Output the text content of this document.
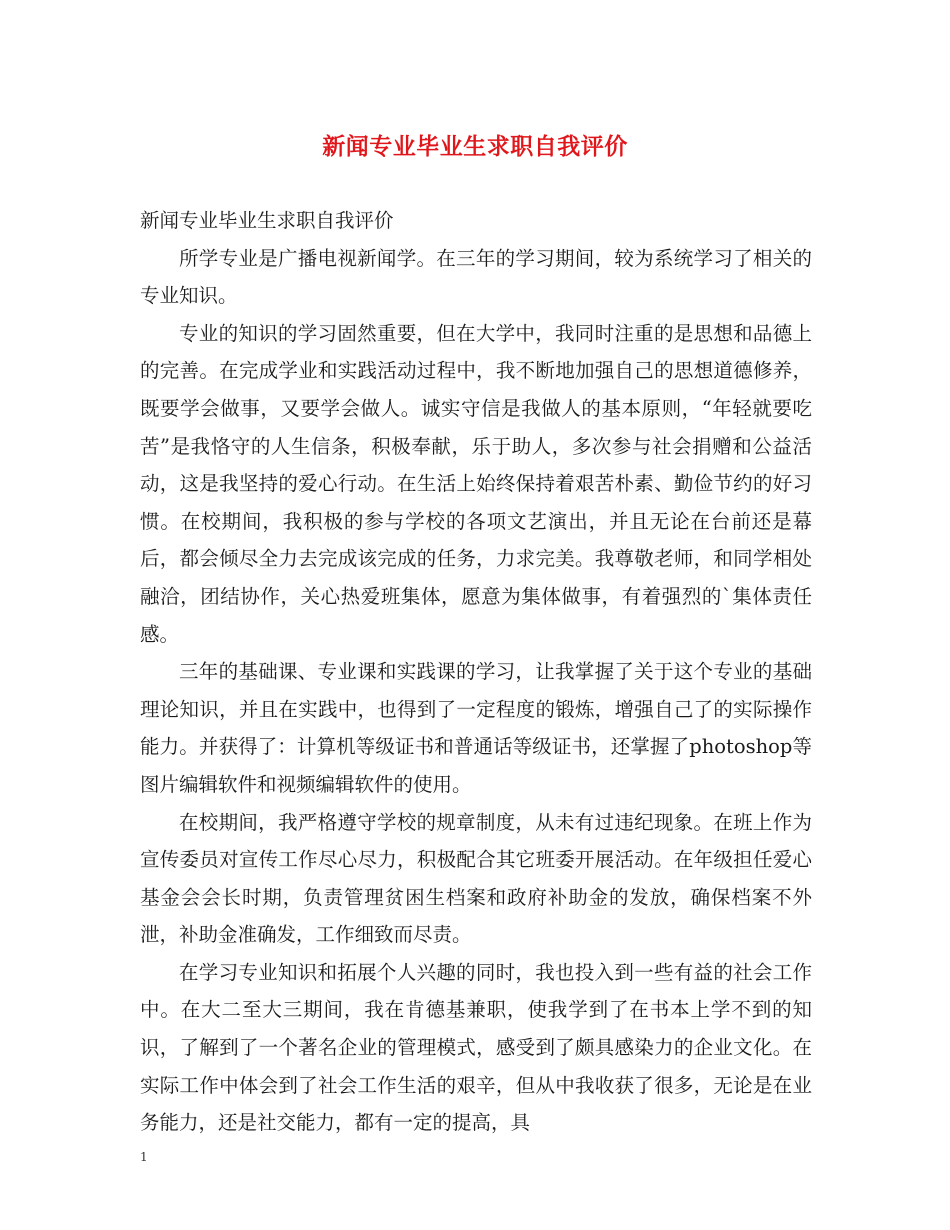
新闻专业毕业生求职自我评价

新闻专业毕业生求职自我评价

所学专业是广播电视新闻学。在三年的学习期间，较为系统学习了相关的专业知识。

专业的知识的学习固然重要，但在大学中，我同时注重的是思想和品德上的完善。在完成学业和实践活动过程中，我不断地加强自己的思想道德修养，既要学会做事，又要学会做人。诚实守信是我做人的基本原则，“年轻就要吃苦”是我恪守的人生信条，积极奉献，乐于助人，多次参与社会捐赠和公益活动，这是我坚持的爱心行动。在生活上始终保持着艰苦朴素、勤俭节约的好习惯。在校期间，我积极的参与学校的各项文艺演出，并且无论在台前还是幕后，都会倾尽全力去完成该完成的任务，力求完美。我尊敬老师，和同学相处融洽，团结协作，关心热爱班集体，愿意为集体做事，有着强烈的`集体责任感。

三年的基础课、专业课和实践课的学习，让我掌握了关于这个专业的基础理论知识，并且在实践中，也得到了一定程度的锻炼，增强自己了的实际操作能力。并获得了：计算机等级证书和普通话等级证书，还掌握了photoshop等图片编辑软件和视频编辑软件的使用。

在校期间，我严格遵守学校的规章制度，从未有过违纪现象。在班上作为宣传委员对宣传工作尽心尽力，积极配合其它班委开展活动。在年级担任爱心基金会会长时期，负责管理贫困生档案和政府补助金的发放，确保档案不外泄，补助金准确发，工作细致而尽责。

在学习专业知识和拓展个人兴趣的同时，我也投入到一些有益的社会工作中。在大二至大三期间，我在肯德基兼职，使我学到了在书本上学不到的知识，了解到了一个著名企业的管理模式，感受到了颇具感染力的企业文化。在实际工作中体会到了社会工作生活的艰辛，但从中我收获了很多，无论是在业务能力，还是社交能力，都有一定的提高，具

1
